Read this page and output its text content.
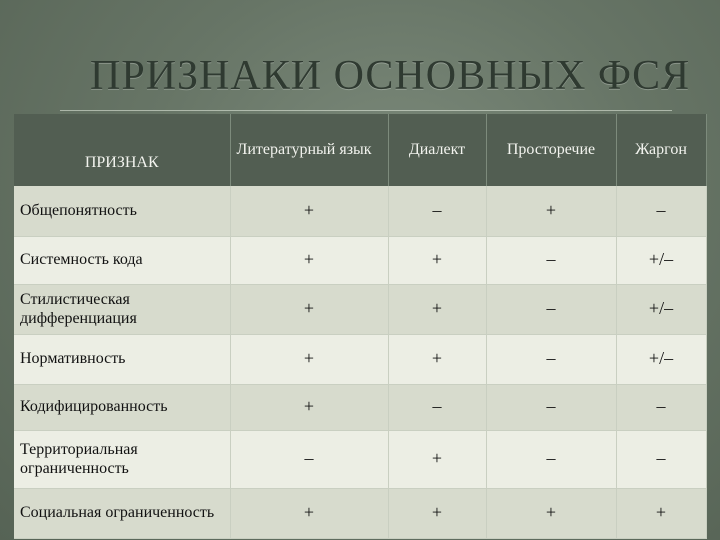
ПРИЗНАКИ ОСНОВНЫХ ФСЯ
ПРИЗНАК	Литературный язык	Диалект	Просторечие	Жаргон
Общепонятность	+	–	+	–
Системность кода	+	+	–	+/–
Стилистическая дифференциация	+	+	–	+/–
Нормативность	+	+	–	+/–
Кодифицированность	+	–	–	–
Территориальная ограниченность	–	+	–	–
Социальная ограниченность	+	+	+	+
